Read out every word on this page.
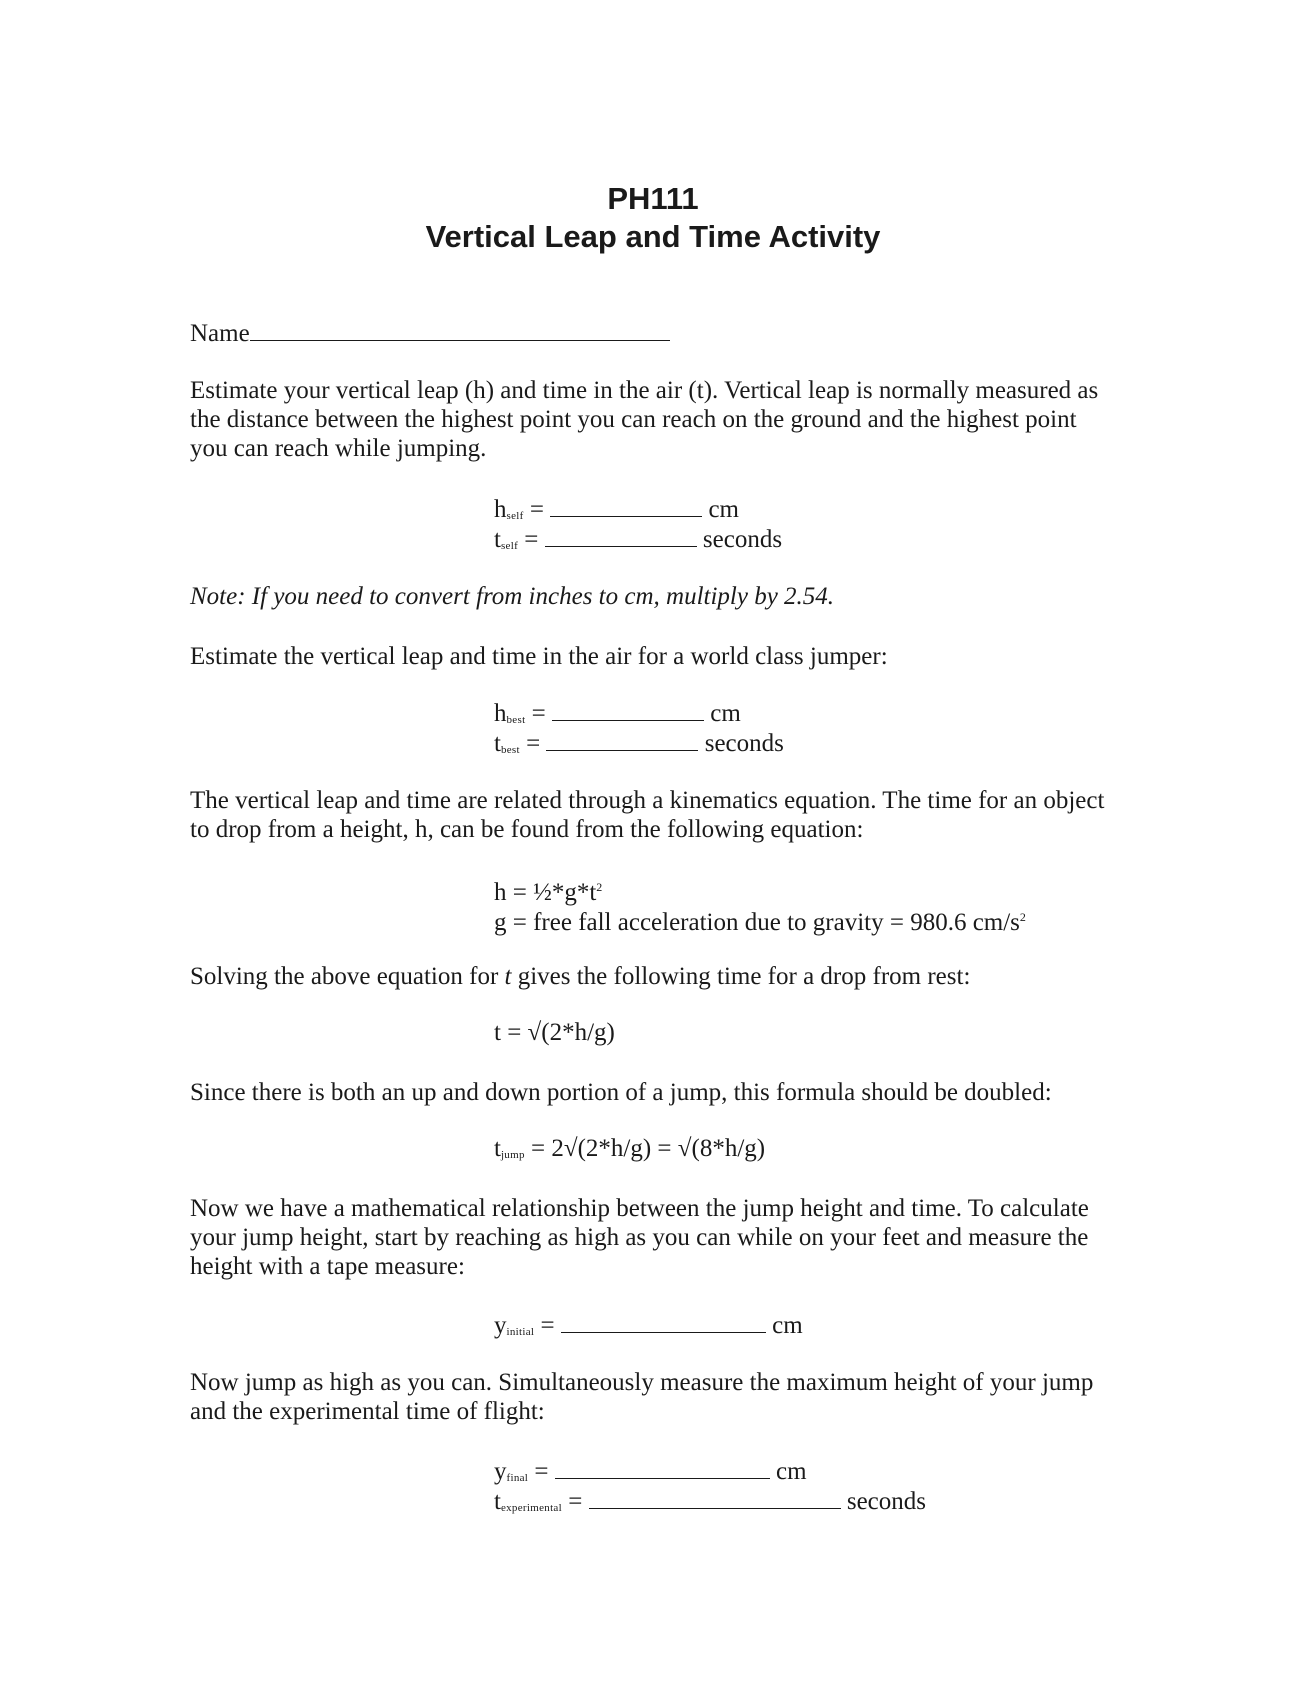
PH111
Vertical Leap and Time Activity
Name

Estimate your vertical leap (h) and time in the air (t). Vertical leap is normally measured as the distance between the highest point you can reach on the ground and the highest point you can reach while jumping.

$h_{self}$ =	cm
$t_{self}$ =	seconds

Note: If you need to convert from inches to cm, multiply by 2.54.

Estimate the vertical leap and time in the air for a world class jumper:

$h_{best}$ =	cm
$t_{best}$ =	seconds

The vertical leap and time are related through a kinematics equation. The time for an object to drop from a height, h, can be found from the following equation:

$h = \frac{1}{2}*g*t^2$
g = free fall acceleration due to gravity = 980.6 $cm/s^2$

Solving the above equation for t gives the following time for a drop from rest:

t = √(2*h/g)

Since there is both an up and down portion of a jump, this formula should be doubled:

$t_{jump} = 2√(2*h/g) = √(8*h/g)$

Now we have a mathematical relationship between the jump height and time. To calculate your jump height, start by reaching as high as you can while on your feet and measure the height with a tape measure:

$y_{initial}$ =	cm

Now jump as high as you can. Simultaneously measure the maximum height of your jump and the experimental time of flight:

$y_{final}$ =	cm
$t_{experimental}$ =	seconds
